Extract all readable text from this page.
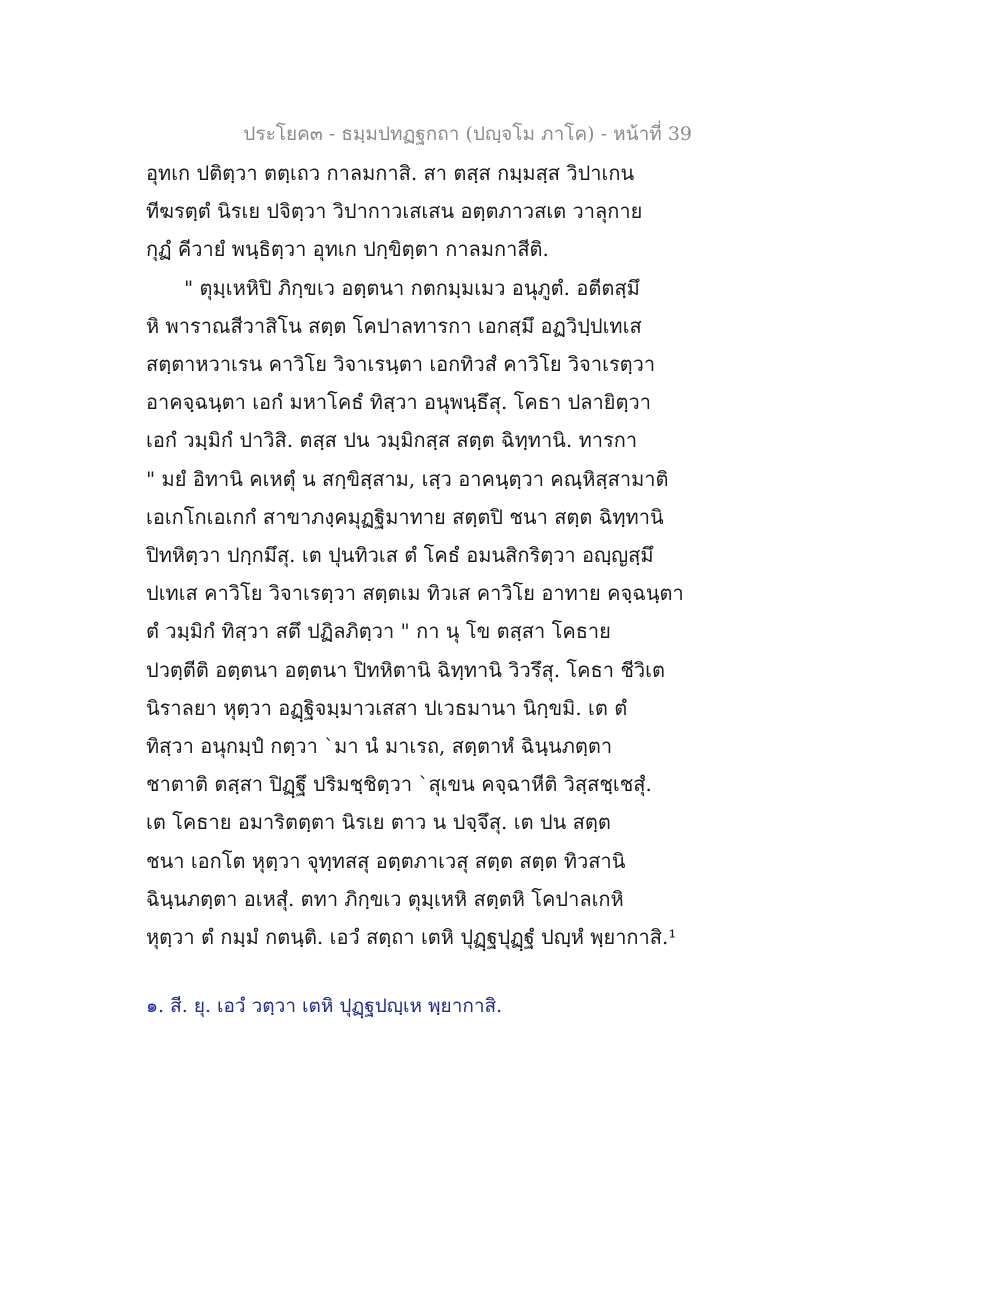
ประโยค๓ - ธมฺมปทฏฐกถา (ปญฺจโม ภาโค) - หน้าที่ 39
อุทเก ปติตฺวา ตตฺเถว กาลมกาสิ. สา ตสฺส กมฺมสฺส วิปาเกน
ทีฆรตฺตํ นิรเย ปจิตฺวา วิปากาวเสเสน อตฺตภาวสเต วาลุกาย
กุฏํ คีวายํ พนฺธิตฺวา อุทเก ปกฺขิตฺตา กาลมกาสีติ.
" ตุมฺเหหิปิ ภิกฺขเว อตฺตนา กตกมฺมเมว อนุภูตํ. อตีตสฺมึ
หิ พาราณสีวาสิโน สตฺต โคปาลทารกา เอกสฺมึ อฏวิปฺปเทเส
สตฺตาหวาเรน คาวิโย วิจาเรนฺตา เอกทิวสํ คาวิโย วิจาเรตฺวา
อาคจฺฉนฺตา เอกํ มหาโคธํ ทิสฺวา อนุพนฺธึสุ. โคธา ปลายิตฺวา
เอกํ วมฺมิกํ ปาวิสิ. ตสฺส ปน วมฺมิกสฺส สตฺต ฉิทฺทานิ. ทารกา
" มยํ อิทานิ คเหตุํ น สกฺขิสฺสาม, เสฺว อาคนฺตฺวา คณฺหิสฺสามาติ
เอเกโกเอเกกํ สาขาภงฺคมุฏฐิมาทาย สตฺตปิ ชนา สตฺต ฉิทฺทานิ
ปิทหิตฺวา ปกฺกมึสุ. เต ปุนทิวเส ตํ โคธํ อมนสิกริตฺวา อญฺญสฺมึ
ปเทเส คาวิโย วิจาเรตฺวา สตฺตเม ทิวเส คาวิโย อาทาย คจฺฉนฺตา
ตํ วมฺมิกํ ทิสฺวา สตึ ปฏิลภิตฺวา " กา นุ โข ตสฺสา โคธาย
ปวตฺตีติ อตฺตนา อตฺตนา ปิทหิตานิ ฉิทฺทานิ วิวรึสุ. โคธา ชีวิเต
นิราลยา หุตฺวา อฏฺฐิจมฺมาวเสสา ปเวธมานา นิกฺขมิ. เต ตํ
ทิสฺวา อนุกมฺปํ กตฺวา `มา นํ มาเรถ, สตฺตาหํ ฉินฺนภตฺตา
ชาตาติ ตสฺสา ปิฏฺฐึ ปริมชฺชิตฺวา `สุเขน คจฺฉาหีติ วิสฺสชฺเชสุํ.
เต โคธาย อมาริตตฺตา นิรเย ตาว น ปจฺจึสุ. เต ปน สตฺต
ชนา เอกโต หุตฺวา จุทฺทสสุ อตฺตภาเวสุ สตฺต สตฺต ทิวสานิ
ฉินฺนภตฺตา อเหสุํ. ตทา ภิกฺขเว ตุมฺเหหิ สตฺตหิ โคปาลเกหิ
หุตฺวา ตํ กมฺมํ กตนฺติ. เอวํ สตฺถา เตหิ ปุฏฺฐปุฏฺฐํ ปญฺหํ พฺยากาสิ.¹
๑. สี. ยุ. เอวํ วตฺวา เตหิ ปุฏฺฐปญฺเห พฺยากาสิ.
